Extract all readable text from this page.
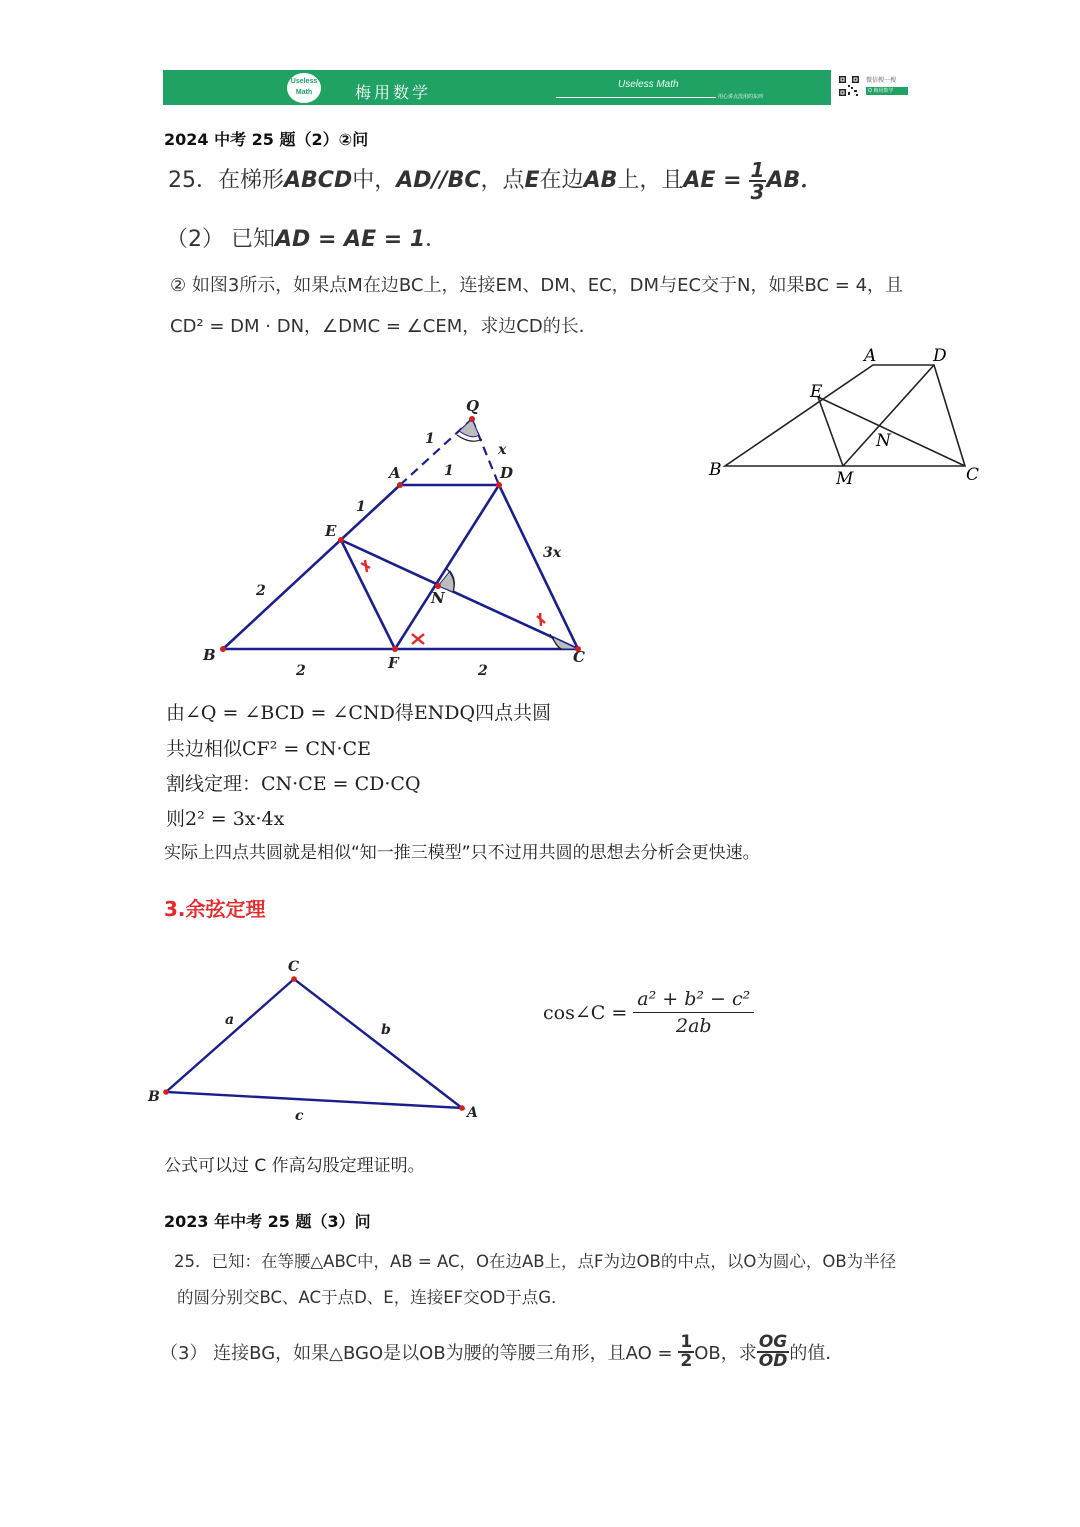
Useless Math	梅用数学	Useless Math
用心讲点没用的东西
微信搜一搜
Q 梅用数学
2024 中考 25 题（2）②问
25．在梯形ABCD中，AD//BC，点E在边AB上，且AE = $\frac{1}{3}$ AB．
（2） 已知AD = AE = 1．
② 如图3所示，如果点M在边BC上，连接EM、DM、EC，DM与EC交于N，如果BC = 4，且
CD² = DM · DN，∠DMC = ∠CEM，求边CD的长．
A	D
E
N
B	M	C
Q
A	D
E
N
B	F	C
1
1
x
1
2
3x
2	2
由∠Q = ∠BCD = ∠CND得ENDQ四点共圆
共边相似CF² = CN·CE
割线定理：CN·CE = CD·CQ
则2² = 3x·4x
实际上四点共圆就是相似“知一推三模型”只不过用共圆的思想去分析会更快速。
3.余弦定理
C
a
b
B
c	A
cos∠C = $\frac{\text{a² + b² − c²}}{2ab}$
公式可以过 C 作高勾股定理证明。
2023 年中考 25 题（3）问
25．已知：在等腰△ABC中，AB = AC，O在边AB上，点F为边OB的中点，以O为圆心，OB为半径
的圆分别交BC、AC于点D、E，连接EF交OD于点G．
（3） 连接BG，如果△BGO是以OB为腰的等腰三角形，且AO = $\frac{1}{2}$ OB，求 $\frac{OG}{OD}$ 的值．
